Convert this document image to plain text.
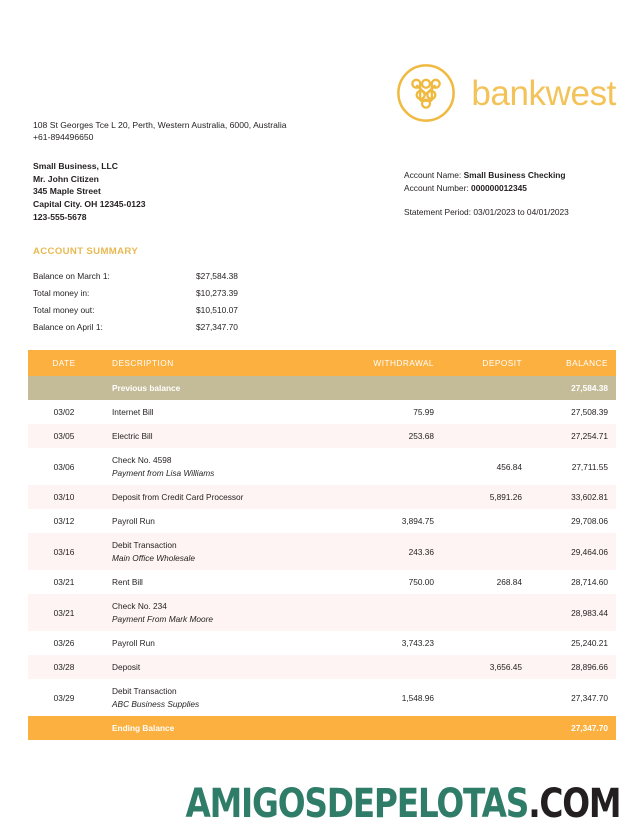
bankwest
108 St Georges Tce L 20, Perth, Western Australia, 6000, Australia
+61-894496650
Small Business, LLC
Mr. John Citizen
345 Maple Street
Capital City. OH 12345-0123
123-555-5678
Account Name: Small Business Checking
Account Number: 000000012345
Statement Period: 03/01/2023 to 04/01/2023
ACCOUNT SUMMARY
Balance on March 1:	$27,584.38
Total money in:	$10,273.39
Total money out:	$10,510.07
Balance on April 1:	$27,347.70
DATE	DESCRIPTION	WITHDRAWAL	DEPOSIT	BALANCE
	Previous balance			27,584.38
03/02	Internet Bill	75.99		27,508.39
03/05	Electric Bill	253.68		27,254.71
03/06	Check No. 4598
Payment from Lisa Williams		456.84	27,711.55
03/10	Deposit from Credit Card Processor		5,891.26	33,602.81
03/12	Payroll Run	3,894.75		29,708.06
03/16	Debit Transaction
Main Office Wholesale	243.36		29,464.06
03/21	Rent Bill	750.00	268.84	28,714.60
03/21	Check No. 234
Payment From Mark Moore			28,983.44
03/26	Payroll Run	3,743.23		25,240.21
03/28	Deposit		3,656.45	28,896.66
03/29	Debit Transaction
ABC Business Supplies	1,548.96		27,347.70
	Ending Balance			27,347.70
AMIGOSDEPELOTAS.COM
